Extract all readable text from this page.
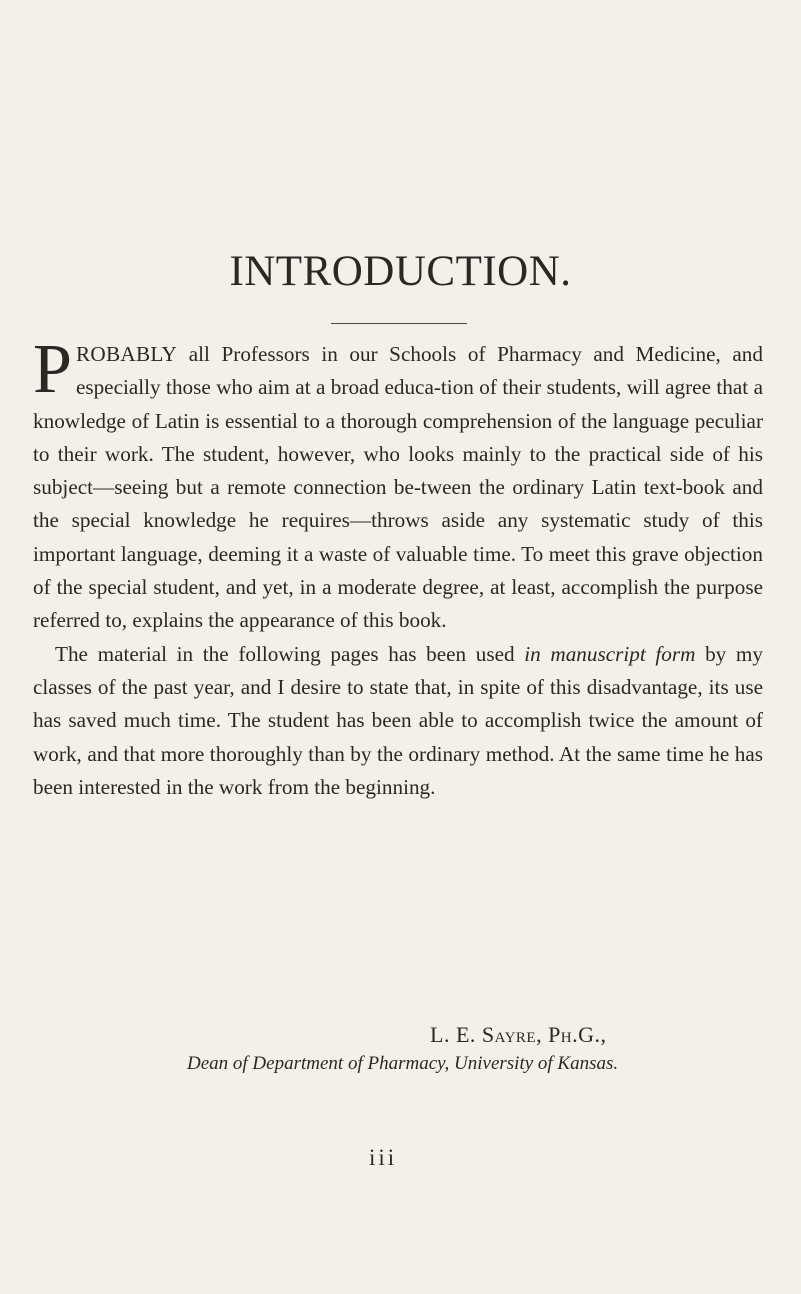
INTRODUCTION.

PROBABLY all Professors in our Schools of Pharmacy and Medicine, and especially those who aim at a broad educa-tion of their students, will agree that a knowledge of Latin is essential to a thorough comprehension of the language peculiar to their work. The student, however, who looks mainly to the practical side of his subject—seeing but a remote connection be-tween the ordinary Latin text-book and the special knowledge he requires—throws aside any systematic study of this important language, deeming it a waste of valuable time. To meet this grave objection of the special student, and yet, in a moderate degree, at least, accomplish the purpose referred to, explains the appearance of this book.

The material in the following pages has been used in manuscript form by my classes of the past year, and I desire to state that, in spite of this disadvantage, its use has saved much time. The student has been able to accomplish twice the amount of work, and that more thoroughly than by the ordinary method. At the same time he has been interested in the work from the beginning.

L. E. Sayre, Ph.G.,

Dean of Department of Pharmacy, University of Kansas.

iii
